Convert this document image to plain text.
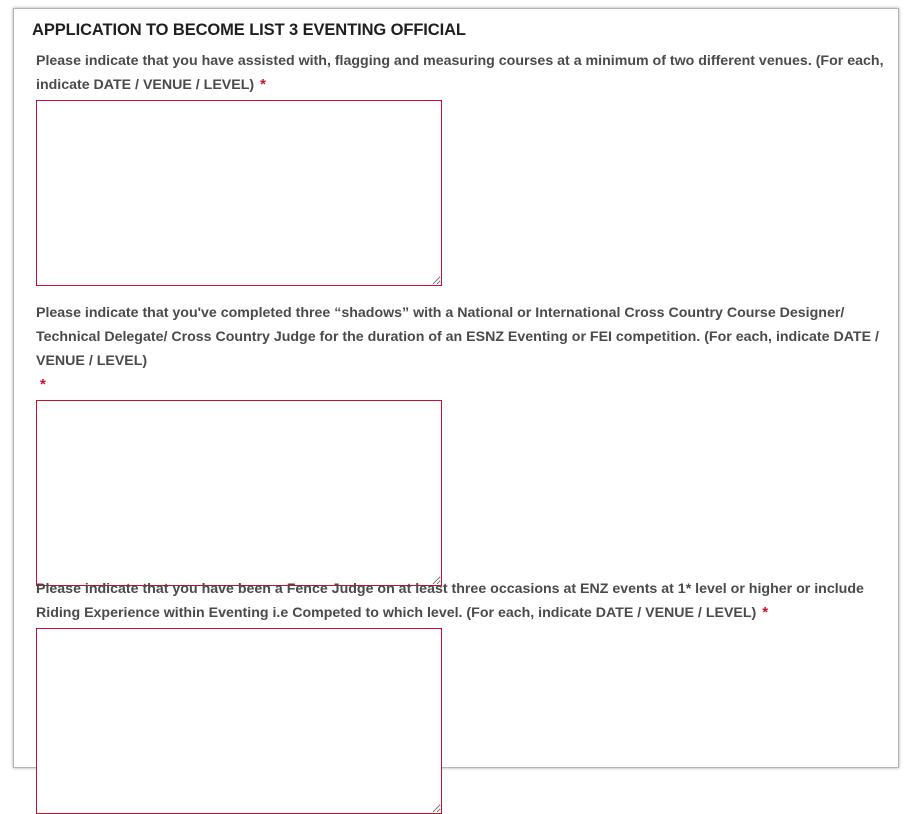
APPLICATION TO BECOME LIST 3 EVENTING OFFICIAL

Please indicate that you have assisted with, flagging and measuring courses at a minimum of two different venues. (For each, indicate DATE / VENUE / LEVEL) *

Please indicate that you've completed three “shadows” with a National or International Cross Country Course Designer/ Technical Delegate/ Cross Country Judge for the duration of an ESNZ Eventing or FEI competition. (For each, indicate DATE / VENUE / LEVEL)
*

Please indicate that you have been a Fence Judge on at least three occasions at ENZ events at 1* level or higher or include Riding Experience within Eventing i.e Competed to which level. (For each, indicate DATE / VENUE / LEVEL) *
